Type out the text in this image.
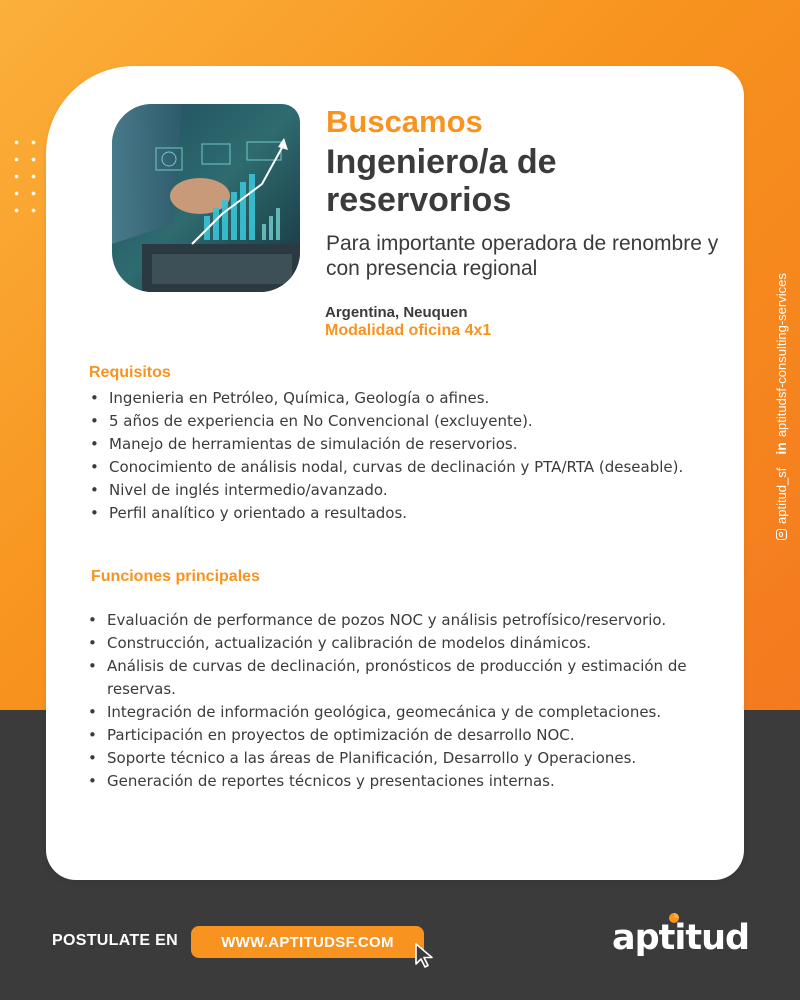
Buscamos
Ingeniero/a de reservorios
Para importante operadora de renombre y con presencia regional
Argentina, Neuquen
Modalidad oficina 4x1
Requisitos
• Ingenieria en Petróleo, Química, Geología o afines.
• 5 años de experiencia en No Convencional (excluyente).
• Manejo de herramientas de simulación de reservorios.
• Conocimiento de análisis nodal, curvas de declinación y PTA/RTA (deseable).
• Nivel de inglés intermedio/avanzado.
• Perfil analítico y orientado a resultados.
Funciones principales
• Evaluación de performance de pozos NOC y análisis petrofísico/reservorio.
• Construcción, actualización y calibración de modelos dinámicos.
• Análisis de curvas de declinación, pronósticos de producción y estimación de reservas.
• Integración de información geológica, geomecánica y de completaciones.
• Participación en proyectos de optimización de desarrollo NOC.
• Soporte técnico a las áreas de Planificación, Desarrollo y Operaciones.
• Generación de reportes técnicos y presentaciones internas.
aptitud_sf
in
aptitudsf-consulting-services
POSTULATE EN	WWW.APTITUDSF.COM	aptitud
